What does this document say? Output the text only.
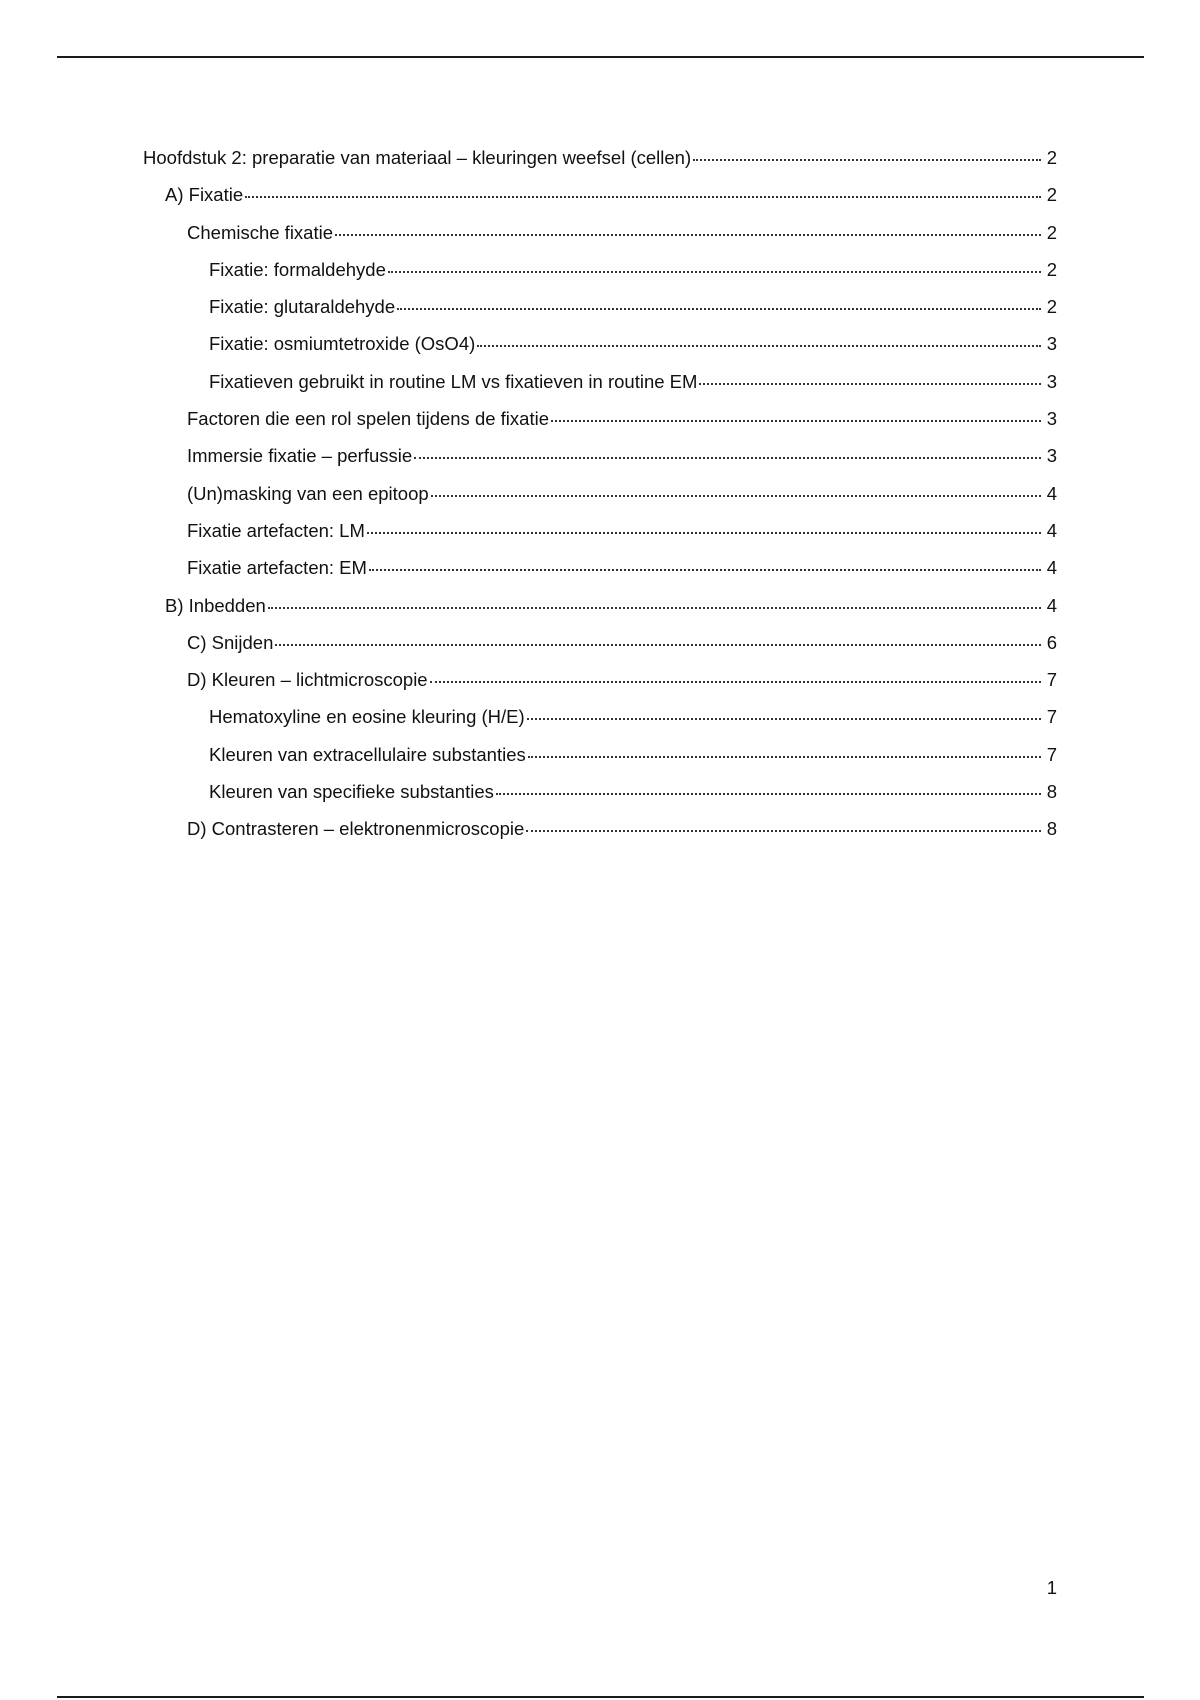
Hoofdstuk 2: preparatie van materiaal – kleuringen weefsel (cellen)	2
A) Fixatie	2
Chemische fixatie	2
Fixatie: formaldehyde	2
Fixatie: glutaraldehyde	2
Fixatie: osmiumtetroxide (OsO4)	3
Fixatieven gebruikt in routine LM vs fixatieven in routine EM	3
Factoren die een rol spelen tijdens de fixatie	3
Immersie fixatie – perfussie	3
(Un)masking van een epitoop	4
Fixatie artefacten: LM	4
Fixatie artefacten: EM	4
B) Inbedden	4
C) Snijden	6
D) Kleuren – lichtmicroscopie	7
Hematoxyline en eosine kleuring (H/E)	7
Kleuren van extracellulaire substanties	7
Kleuren van specifieke substanties	8
D) Contrasteren – elektronenmicroscopie	8
1
